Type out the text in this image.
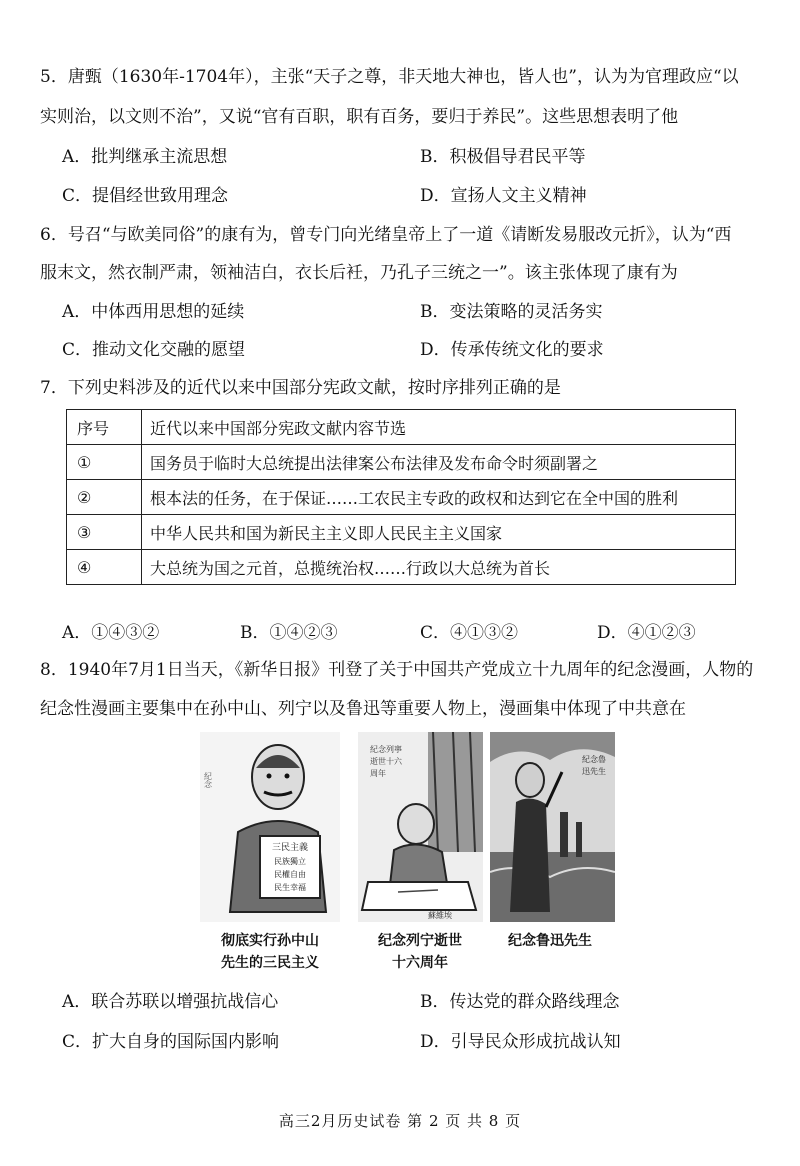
5．唐甄（1630年-1704年），主张“天子之尊，非天地大神也，皆人也”，认为为官理政应“以
实则治，以文则不治”，又说“官有百职，职有百务，要归于养民”。这些思想表明了他
A．批判继承主流思想	B．积极倡导君民平等
C．提倡经世致用理念	D．宣扬人文主义精神
6．号召“与欧美同俗”的康有为，曾专门向光绪皇帝上了一道《请断发易服改元折》，认为“西
服末文，然衣制严肃，领袖洁白，衣长后衽，乃孔子三统之一”。该主张体现了康有为
A．中体西用思想的延续	B．变法策略的灵活务实
C．推动文化交融的愿望	D．传承传统文化的要求
7．下列史料涉及的近代以来中国部分宪政文献，按时序排列正确的是
序号	近代以来中国部分宪政文献内容节选
①	国务员于临时大总统提出法律案公布法律及发布命令时须副署之
②	根本法的任务，在于保证……工农民主专政的政权和达到它在全中国的胜利
③	中华人民共和国为新民主主义即人民民主主义国家
④	大总统为国之元首，总揽统治权……行政以大总统为首长
A．①④③②	B．①④②③	C．④①③②	D．④①②③
8．1940年7月1日当天，《新华日报》刊登了关于中国共产党成立十九周年的纪念漫画，人物的
纪念性漫画主要集中在孙中山、列宁以及鲁迅等重要人物上，漫画集中体现了中共意在
紀念
三民主義
民族獨立
民權自由
民生幸福
紀念列寧
逝世十六
周年
蘇維埃
紀念魯
迅先生
彻底实行孙中山
先生的三民主义
纪念列宁逝世
十六周年
纪念鲁迅先生
A．联合苏联以增强抗战信心	B．传达党的群众路线理念
C．扩大自身的国际国内影响	D．引导民众形成抗战认知
高三2月历史试卷 第 2 页 共 8 页
